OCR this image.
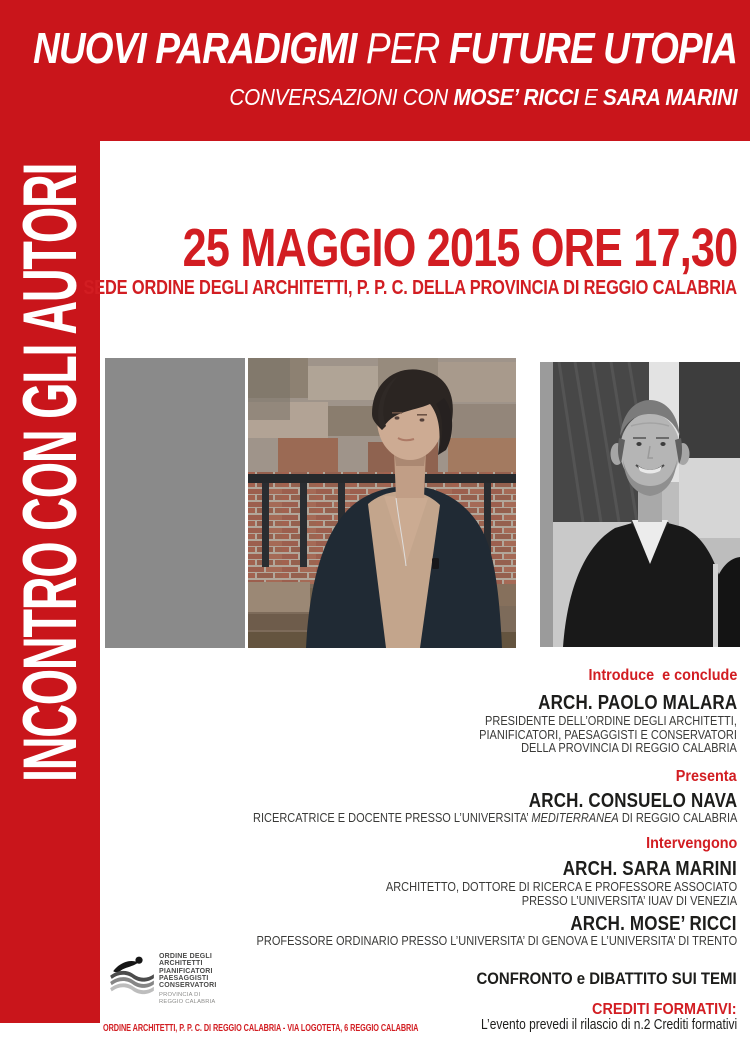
NUOVI PARADIGMI PER FUTURE UTOPIA
CONVERSAZIONI CON MOSE’ RICCI E SARA MARINI
INCONTRO CON GLI AUTORI 25 MAGGIO 2015 ORE 17,30
SEDE ORDINE DEGLI ARCHITETTI, P. P. C. DELLA PROVINCIA DI REGGIO CALABRIA
Introduce  e conclude
ARCH. PAOLO MALARA
PRESIDENTE DELL’ORDINE DEGLI ARCHITETTI,
PIANIFICATORI, PAESAGGISTI E CONSERVATORI
DELLA PROVINCIA DI REGGIO CALABRIA
Presenta
ARCH. CONSUELO NAVA
RICERCATRICE E DOCENTE PRESSO L’UNIVERSITA’ MEDITERRANEA DI REGGIO CALABRIA
Intervengono
ARCH. SARA MARINI
ARCHITETTO, DOTTORE DI RICERCA E PROFESSORE ASSOCIATO
PRESSO L’UNIVERSITA’ IUAV DI VENEZIA
ARCH. MOSE’ RICCI
PROFESSORE ORDINARIO PRESSO L’UNIVERSITA’ DI GENOVA E L’UNIVERSITA’ DI TRENTO
CONFRONTO e DIBATTITO SUI TEMI
CREDITI FORMATIVI:
L’evento prevedi il rilascio di n.2 Crediti formativi
ORDINE DEGLI
ARCHITETTI
PIANIFICATORI
PAESAGGISTI
CONSERVATORI
PROVINCIA DI
REGGIO CALABRIA
ORDINE ARCHITETTI, P. P. C. DI REGGIO CALABRIA - VIA LOGOTETA, 6 REGGIO CALABRIA
